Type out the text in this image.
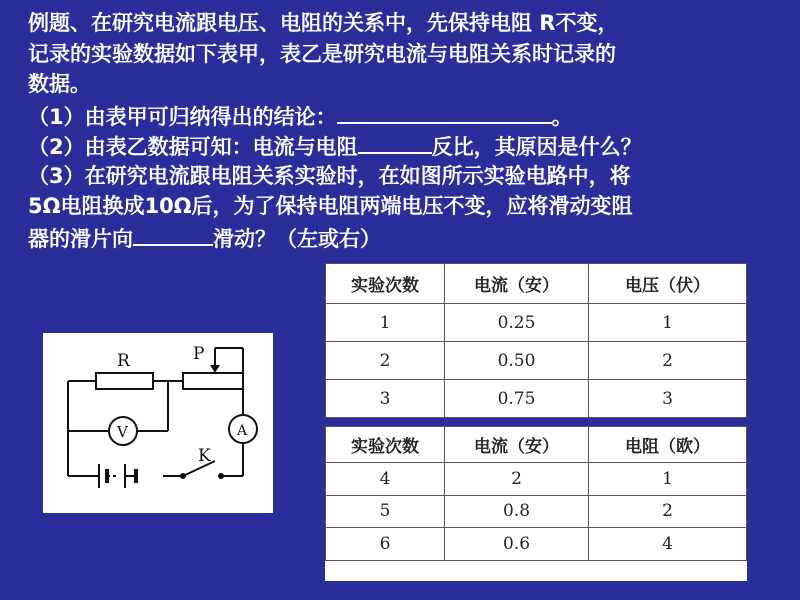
例题、在研究电流跟电压、电阻的关系中，先保持电阻 R不变，
记录的实验数据如下表甲，表乙是研究电流与电阻关系时记录的
数据。
（1）由表甲可归纳得出的结论：	。
（2）由表乙数据可知：电流与电阻	反比，其原因是什么？
（3）在研究电流跟电阻关系实验时，在如图所示实验电路中，将
5Ω电阻换成10Ω后，为了保持电阻两端电压不变，应将滑动变阻
器的滑片向	滑动？（左或右）
R	P
V	A
K
实验次数	电流（安）	电压（伏）
1	0.25	1
2	0.50	2
3	0.75	3
实验次数	电流（安）	电阻（欧）
4	2	1
5	0.8	2
6	0.6	4
